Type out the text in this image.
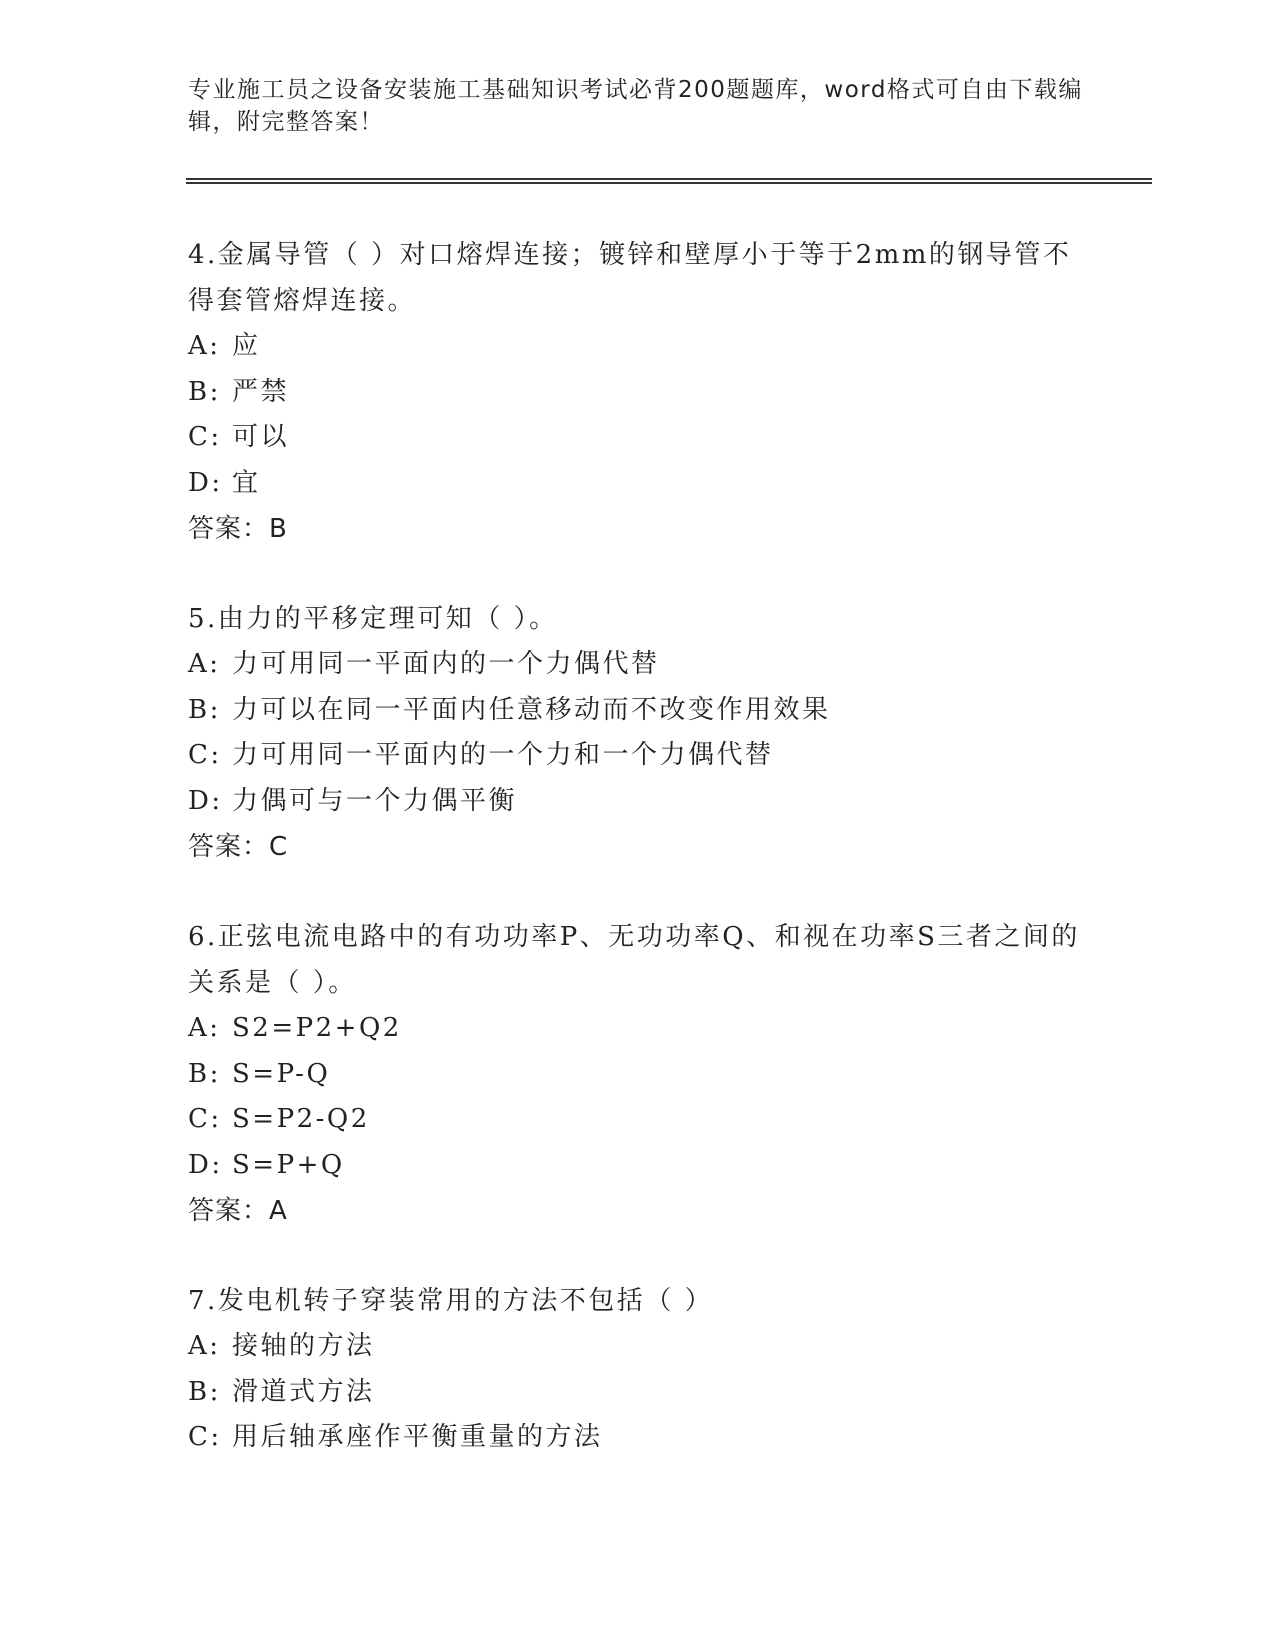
专业施工员之设备安装施工基础知识考试必背200题题库，word格式可自由下载编辑，附完整答案！

4.金属导管（ ）对口熔焊连接；镀锌和壁厚小于等于2mm的钢导管不得套管熔焊连接。

A: 应

B: 严禁

C: 可以

D: 宜

答案：B

5.由力的平移定理可知（ ）。

A: 力可用同一平面内的一个力偶代替

B: 力可以在同一平面内任意移动而不改变作用效果

C: 力可用同一平面内的一个力和一个力偶代替

D: 力偶可与一个力偶平衡

答案：C

6.正弦电流电路中的有功功率P、无功功率Q、和视在功率S三者之间的关系是（ ）。

A: S2=P2+Q2

B: S=P-Q

C: S=P2-Q2

D: S=P+Q

答案：A

7.发电机转子穿装常用的方法不包括（ ）

A: 接轴的方法

B: 滑道式方法

C: 用后轴承座作平衡重量的方法
